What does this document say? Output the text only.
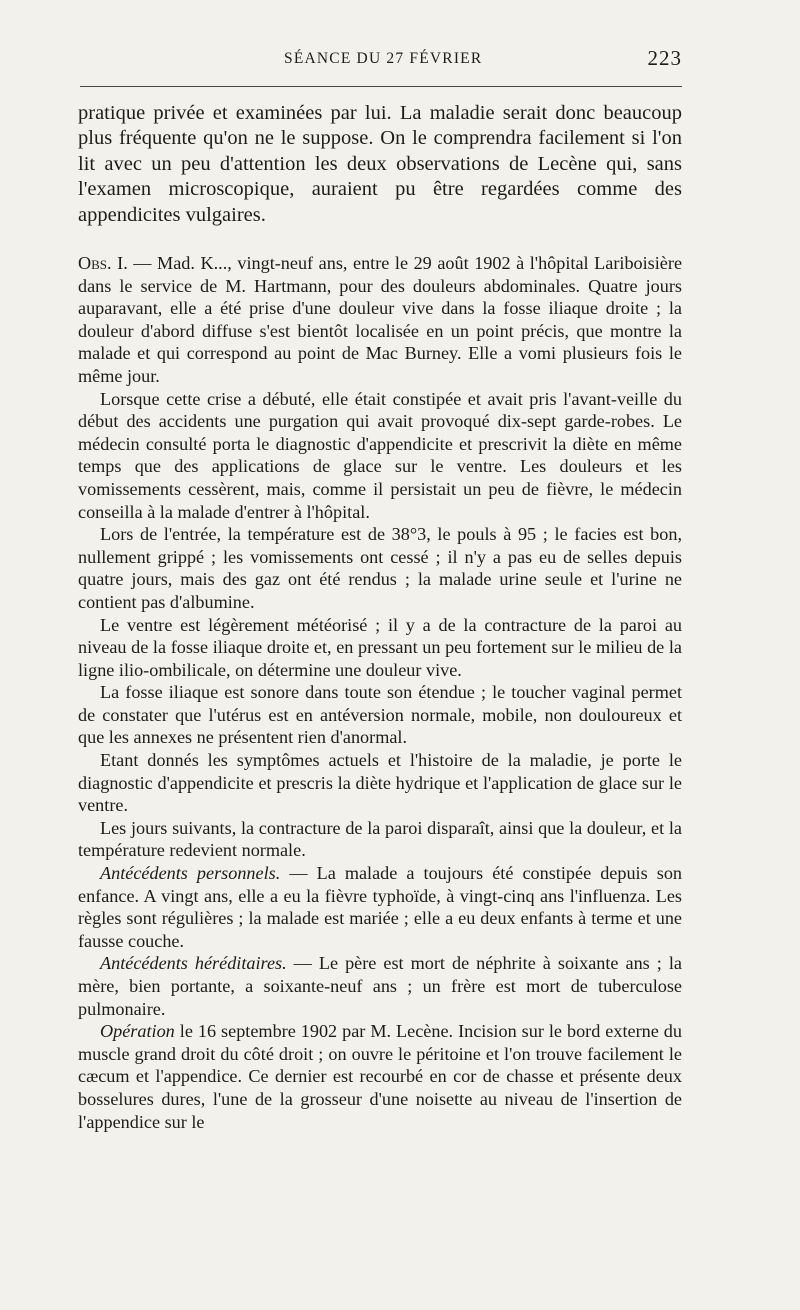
SÉANCE DU 27 FÉVRIER	223

pratique privée et examinées par lui. La maladie serait donc beaucoup plus fréquente qu'on ne le suppose. On le comprendra facilement si l'on lit avec un peu d'attention les deux observations de Lecène qui, sans l'examen microscopique, auraient pu être regardées comme des appendicites vulgaires.

Obs. I. — Mad. K..., vingt-neuf ans, entre le 29 août 1902 à l'hôpital Lariboisière dans le service de M. Hartmann, pour des douleurs abdominales. Quatre jours auparavant, elle a été prise d'une douleur vive dans la fosse iliaque droite ; la douleur d'abord diffuse s'est bientôt localisée en un point précis, que montre la malade et qui correspond au point de Mac Burney. Elle a vomi plusieurs fois le même jour.

Lorsque cette crise a débuté, elle était constipée et avait pris l'avant-veille du début des accidents une purgation qui avait provoqué dix-sept garde-robes. Le médecin consulté porta le diagnostic d'appendicite et prescrivit la diète en même temps que des applications de glace sur le ventre. Les douleurs et les vomissements cessèrent, mais, comme il persistait un peu de fièvre, le médecin conseilla à la malade d'entrer à l'hôpital.

Lors de l'entrée, la température est de 38°3, le pouls à 95 ; le facies est bon, nullement grippé ; les vomissements ont cessé ; il n'y a pas eu de selles depuis quatre jours, mais des gaz ont été rendus ; la malade urine seule et l'urine ne contient pas d'albumine.

Le ventre est légèrement météorisé ; il y a de la contracture de la paroi au niveau de la fosse iliaque droite et, en pressant un peu fortement sur le milieu de la ligne ilio-ombilicale, on détermine une douleur vive.

La fosse iliaque est sonore dans toute son étendue ; le toucher vaginal permet de constater que l'utérus est en antéversion normale, mobile, non douloureux et que les annexes ne présentent rien d'anormal.

Etant donnés les symptômes actuels et l'histoire de la maladie, je porte le diagnostic d'appendicite et prescris la diète hydrique et l'application de glace sur le ventre.

Les jours suivants, la contracture de la paroi disparaît, ainsi que la douleur, et la température redevient normale.

Antécédents personnels. — La malade a toujours été constipée depuis son enfance. A vingt ans, elle a eu la fièvre typhoïde, à vingt-cinq ans l'influenza. Les règles sont régulières ; la malade est mariée ; elle a eu deux enfants à terme et une fausse couche.

Antécédents héréditaires. — Le père est mort de néphrite à soixante ans ; la mère, bien portante, a soixante-neuf ans ; un frère est mort de tuberculose pulmonaire.

Opération le 16 septembre 1902 par M. Lecène. Incision sur le bord externe du muscle grand droit du côté droit ; on ouvre le péritoine et l'on trouve facilement le cæcum et l'appendice. Ce dernier est recourbé en cor de chasse et présente deux bosselures dures, l'une de la grosseur d'une noisette au niveau de l'insertion de l'appendice sur le
